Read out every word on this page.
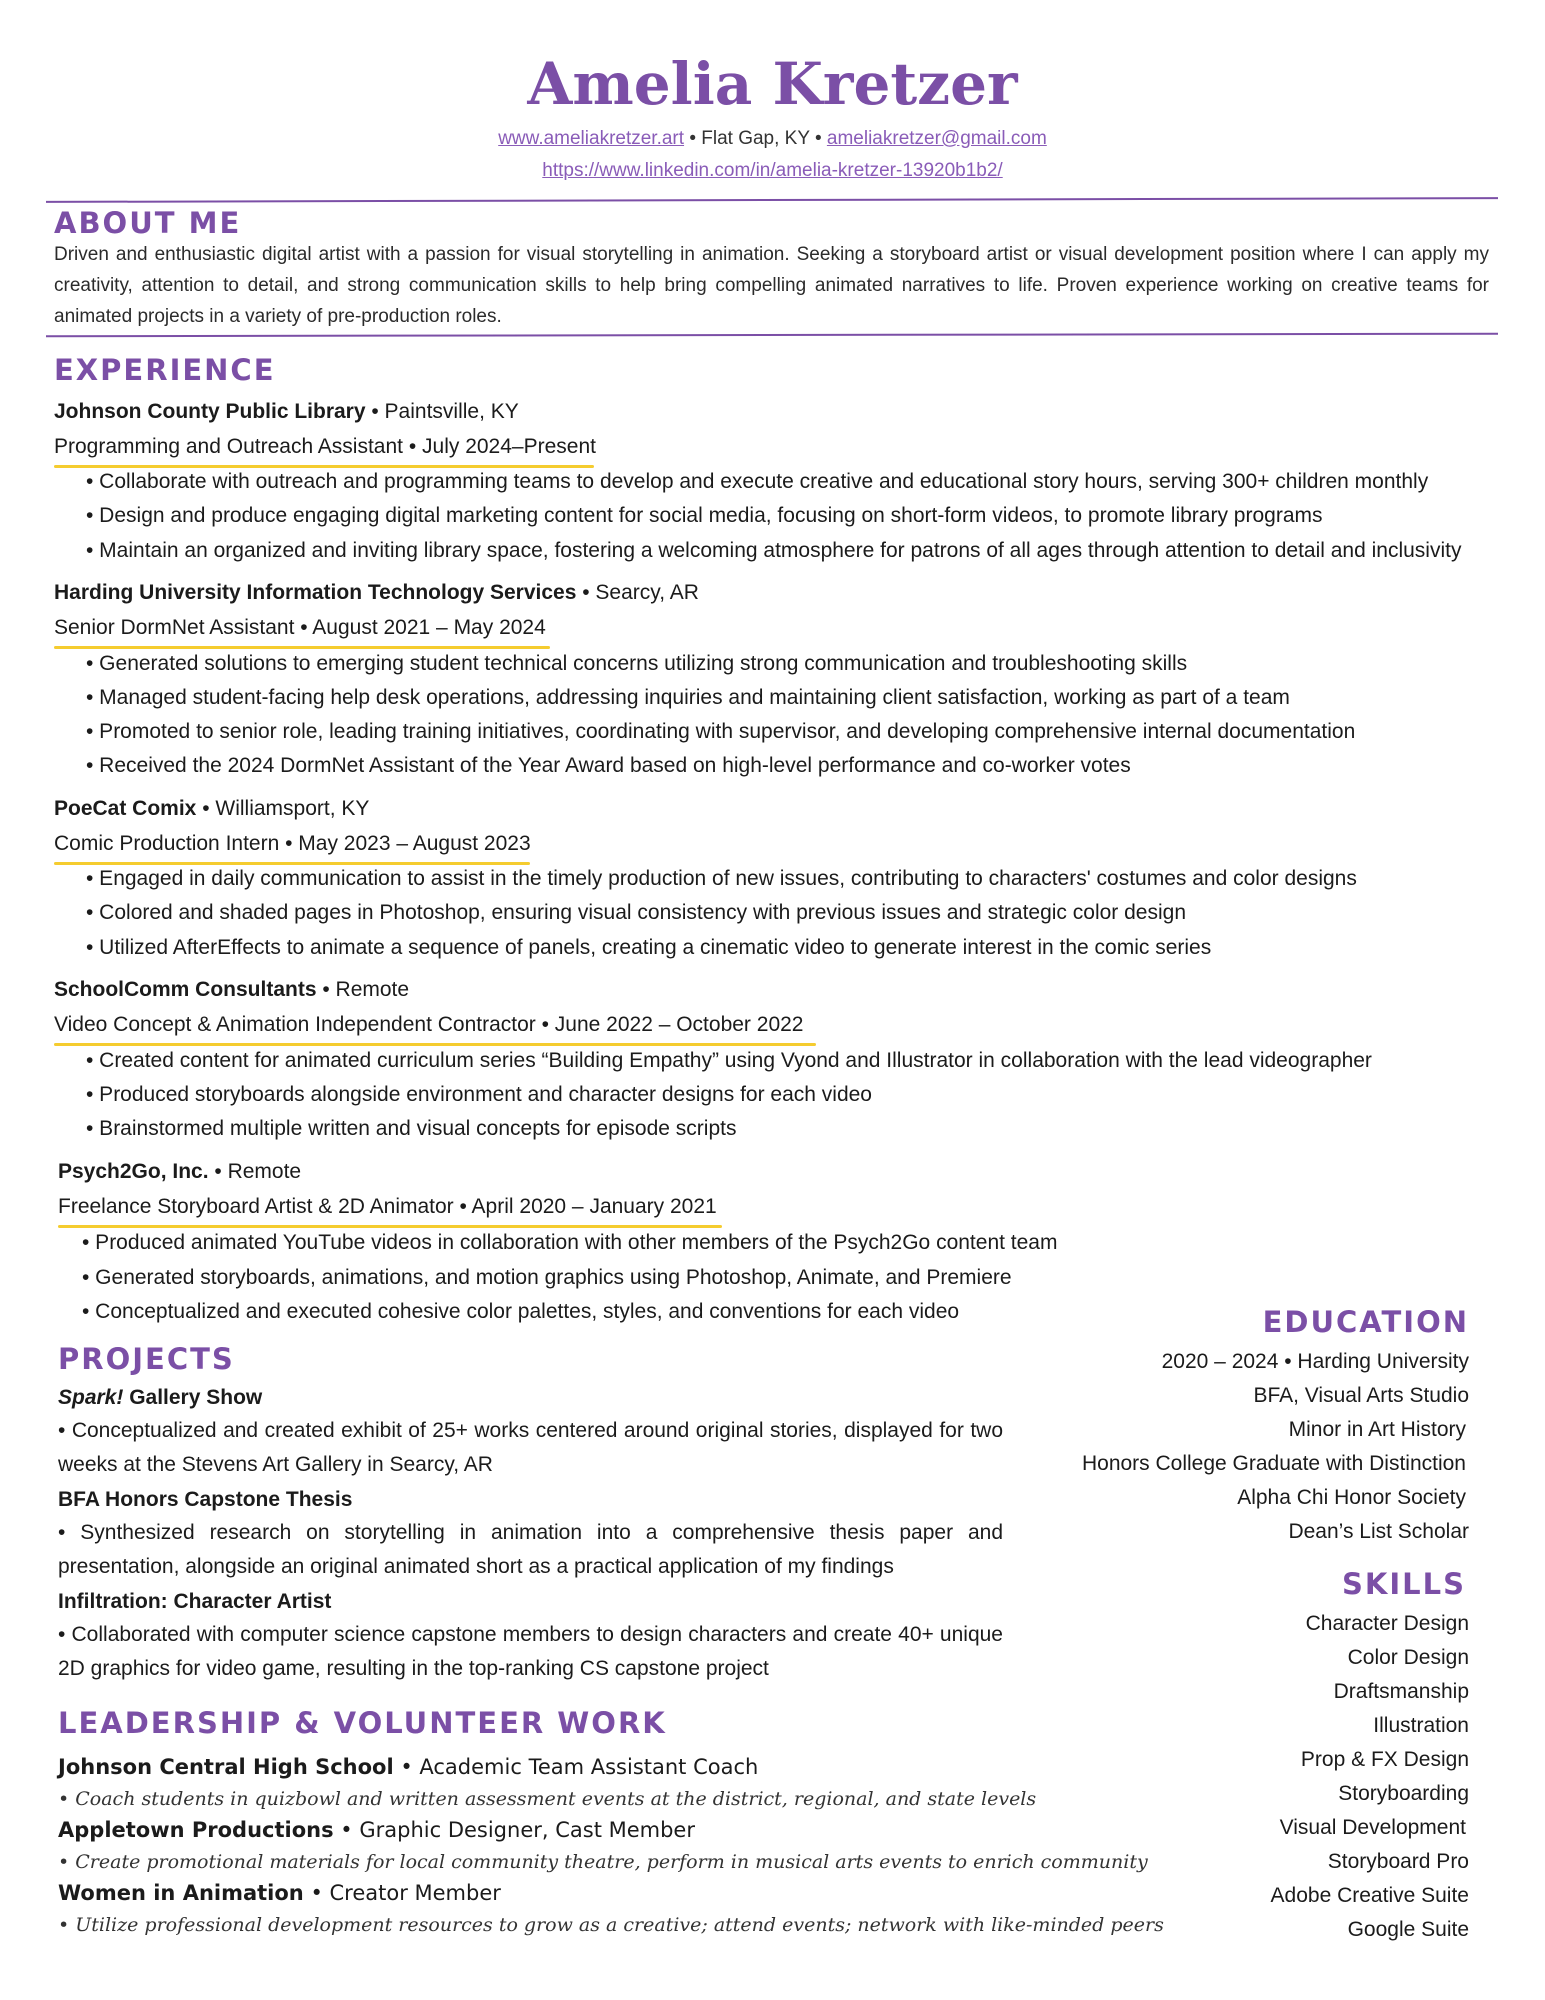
Amelia Kretzer
www.ameliakretzer.art • Flat Gap, KY • ameliakretzer@gmail.com
https://www.linkedin.com/in/amelia-kretzer-13920b1b2/
ABOUT ME
Driven and enthusiastic digital artist with a passion for visual storytelling in animation. Seeking a storyboard artist or visual development position where I can apply my creativity, attention to detail, and strong communication skills to help bring compelling animated narratives to life. Proven experience working on creative teams for animated projects in a variety of pre-production roles.
EXPERIENCE
Johnson County Public Library • Paintsville, KY
Programming and Outreach Assistant • July 2024–Present
• Collaborate with outreach and programming teams to develop and execute creative and educational story hours, serving 300+ children monthly
• Design and produce engaging digital marketing content for social media, focusing on short-form videos, to promote library programs
• Maintain an organized and inviting library space, fostering a welcoming atmosphere for patrons of all ages through attention to detail and inclusivity
Harding University Information Technology Services • Searcy, AR
Senior DormNet Assistant • August 2021 – May 2024
• Generated solutions to emerging student technical concerns utilizing strong communication and troubleshooting skills
• Managed student-facing help desk operations, addressing inquiries and maintaining client satisfaction, working as part of a team
• Promoted to senior role, leading training initiatives, coordinating with supervisor, and developing comprehensive internal documentation
• Received the 2024 DormNet Assistant of the Year Award based on high-level performance and co-worker votes
PoeCat Comix • Williamsport, KY
Comic Production Intern • May 2023 – August 2023
• Engaged in daily communication to assist in the timely production of new issues, contributing to characters' costumes and color designs
• Colored and shaded pages in Photoshop, ensuring visual consistency with previous issues and strategic color design
• Utilized AfterEffects to animate a sequence of panels, creating a cinematic video to generate interest in the comic series
SchoolComm Consultants • Remote
Video Concept & Animation Independent Contractor • June 2022 – October 2022
• Created content for animated curriculum series “Building Empathy” using Vyond and Illustrator in collaboration with the lead videographer
• Produced storyboards alongside environment and character designs for each video
• Brainstormed multiple written and visual concepts for episode scripts
Psych2Go, Inc. • Remote
Freelance Storyboard Artist & 2D Animator • April 2020 – January 2021
• Produced animated YouTube videos in collaboration with other members of the Psych2Go content team
• Generated storyboards, animations, and motion graphics using Photoshop, Animate, and Premiere
• Conceptualized and executed cohesive color palettes, styles, and conventions for each video
PROJECTS
Spark! Gallery Show
• Conceptualized and created exhibit of 25+ works centered around original stories, displayed for two weeks at the Stevens Art Gallery in Searcy, AR
BFA Honors Capstone Thesis
• Synthesized research on storytelling in animation into a comprehensive thesis paper and presentation, alongside an original animated short as a practical application of my findings
Infiltration: Character Artist
• Collaborated with computer science capstone members to design characters and create 40+ unique 2D graphics for video game, resulting in the top-ranking CS capstone project
LEADERSHIP & VOLUNTEER WORK
Johnson Central High School • Academic Team Assistant Coach
• Coach students in quizbowl and written assessment events at the district, regional, and state levels
Appletown Productions • Graphic Designer, Cast Member
• Create promotional materials for local community theatre, perform in musical arts events to enrich community
Women in Animation • Creator Member
• Utilize professional development resources to grow as a creative; attend events; network with like-minded peers
EDUCATION
2020 – 2024 • Harding University
BFA, Visual Arts Studio
Minor in Art History
Honors College Graduate with Distinction
Alpha Chi Honor Society
Dean’s List Scholar
SKILLS
Character Design
Color Design
Draftsmanship
Illustration
Prop & FX Design
Storyboarding
Visual Development
Storyboard Pro
Adobe Creative Suite
Google Suite
